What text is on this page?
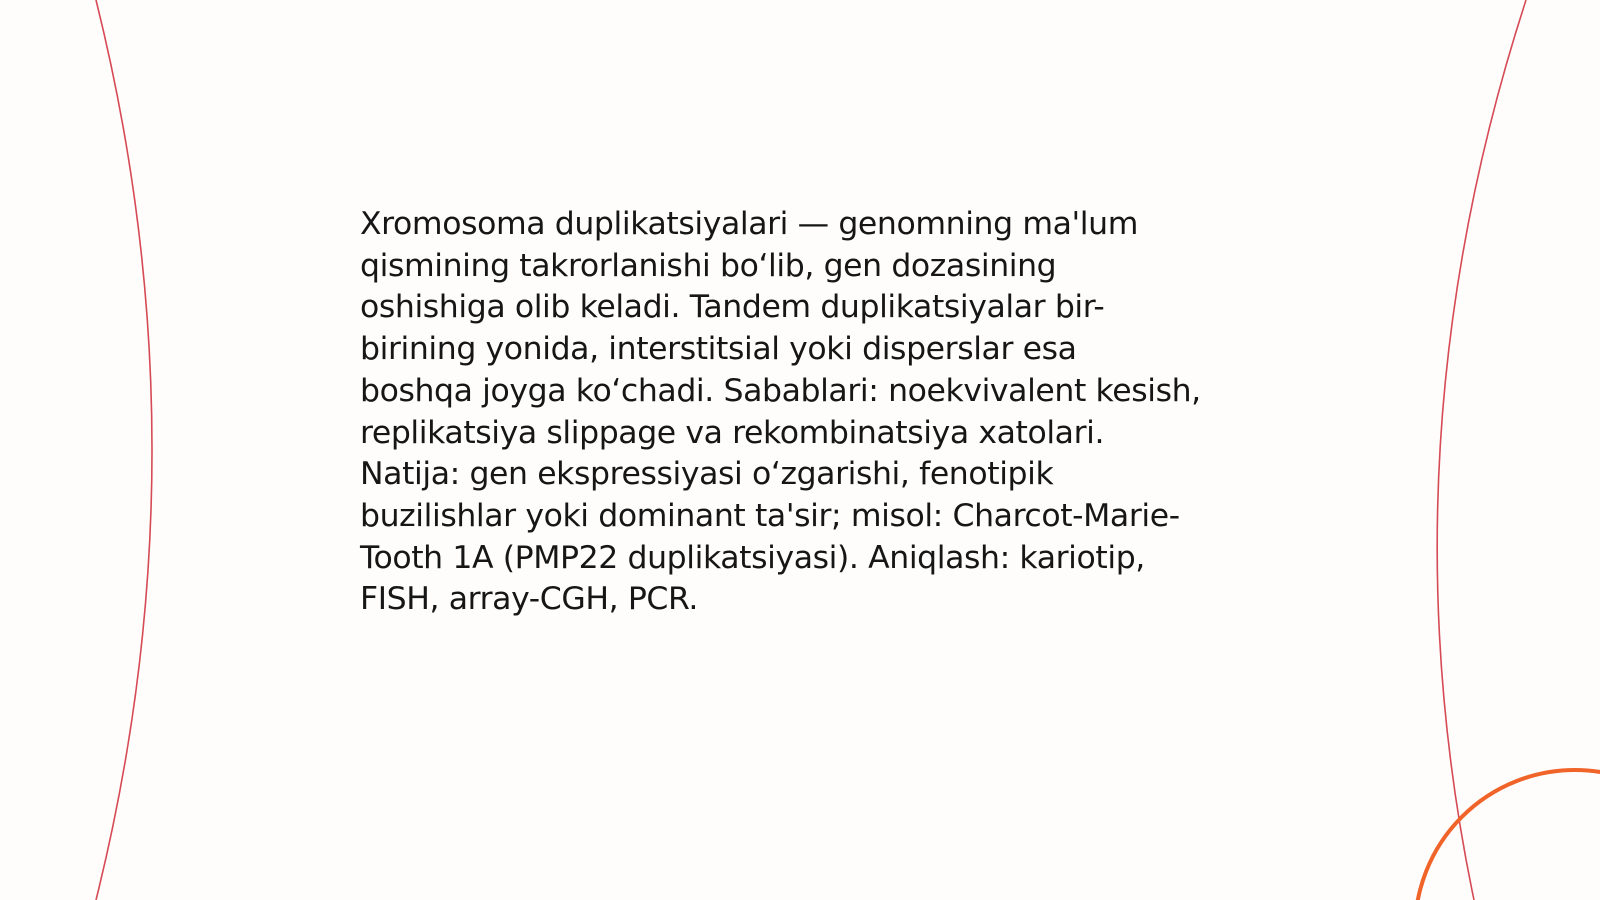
Xromosoma duplikatsiyalari — genomning ma'lum
qismining takrorlanishi bo‘lib, gen dozasining
oshishiga olib keladi. Tandem duplikatsiyalar bir-
birining yonida, interstitsial yoki disperslar esa
boshqa joyga ko‘chadi. Sabablari: noekvivalent kesish,
replikatsiya slippage va rekombinatsiya xatolari.
Natija: gen ekspressiyasi o‘zgarishi, fenotipik
buzilishlar yoki dominant ta'sir; misol: Charcot-Marie-
Tooth 1A (PMP22 duplikatsiyasi). Aniqlash: kariotip,
FISH, array-CGH, PCR.
